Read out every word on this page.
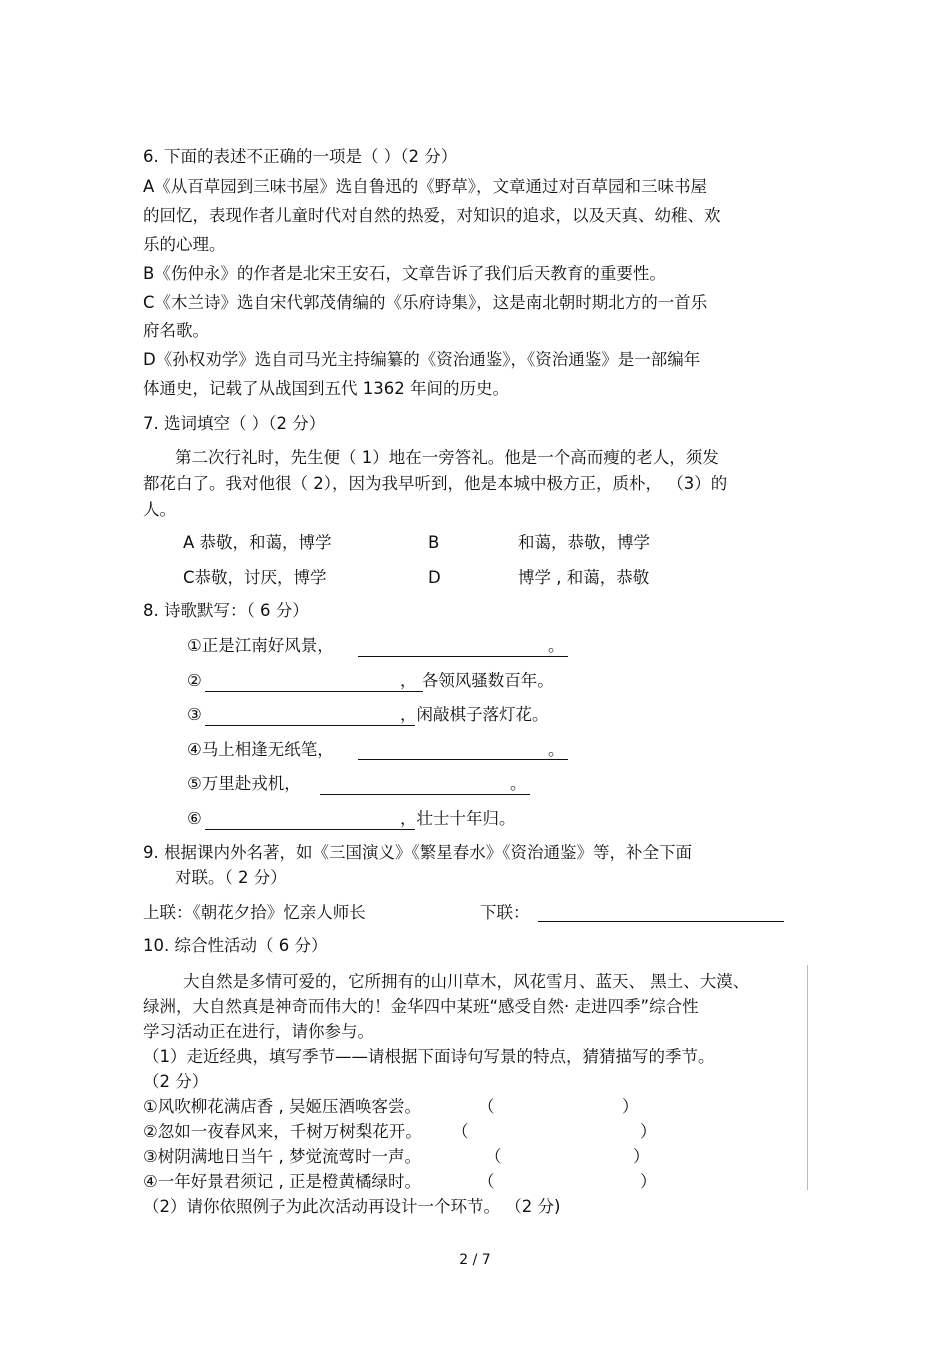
6. 下面的表述不正确的一项是（ ）（2 分）
A《从百草园到三味书屋》选自鲁迅的《野草》，文章通过对百草园和三味书屋
的回忆，表现作者儿童时代对自然的热爱，对知识的追求，以及天真、幼稚、欢
乐的心理。
B《伤仲永》的作者是北宋王安石，文章告诉了我们后天教育的重要性。
C《木兰诗》选自宋代郭茂倩编的《乐府诗集》，这是南北朝时期北方的一首乐
府名歌。
D《孙权劝学》选自司马光主持编纂的《资治通鉴》，《资治通鉴》是一部编年
体通史，记载了从战国到五代 1362 年间的历史。
7. 选词填空（ ）（2 分）
第二次行礼时，先生便（ 1）地在一旁答礼。他是一个高而瘦的老人，须发
都花白了。我对他很（ 2），因为我早听到，他是本城中极方正，质朴， （3）的
人。
A 恭敬，和蔼，博学	B	和蔼，恭敬，博学
C恭敬，讨厌，博学	D	博学 , 和蔼，恭敬
8. 诗歌默写：（ 6 分）
①正是江南好风景，	。
②	， 各领风骚数百年。
③	，闲敲棋子落灯花。
④马上相逢无纸笔，	。
⑤万里赴戎机，	。
⑥	，壮士十年归。
9. 根据课内外名著，如《三国演义》《繁星春水》《资治通鉴》等，补全下面
对联。（ 2 分）
上联：《朝花夕拾》忆亲人师长	下联：
10. 综合性活动（ 6 分）
大自然是多情可爱的，它所拥有的山川草木，风花雪月、蓝天、 黑土、大漠、
绿洲，大自然真是神奇而伟大的！金华四中某班“感受自然· 走进四季”综合性
学习活动正在进行，请你参与。
（1）走近经典，填写季节——请根据下面诗句写景的特点，猜猜描写的季节。
（2 分）
①风吹柳花满店香 , 吴姬压酒唤客尝。	（	）
②忽如一夜春风来，千树万树梨花开。 （	）
③树阴满地日当午 , 梦觉流莺时一声。	（	）
④一年好景君须记 , 正是橙黄橘绿时。	（	）
（2）请你依照例子为此次活动再设计一个环节。 （2 分)
2 / 7
